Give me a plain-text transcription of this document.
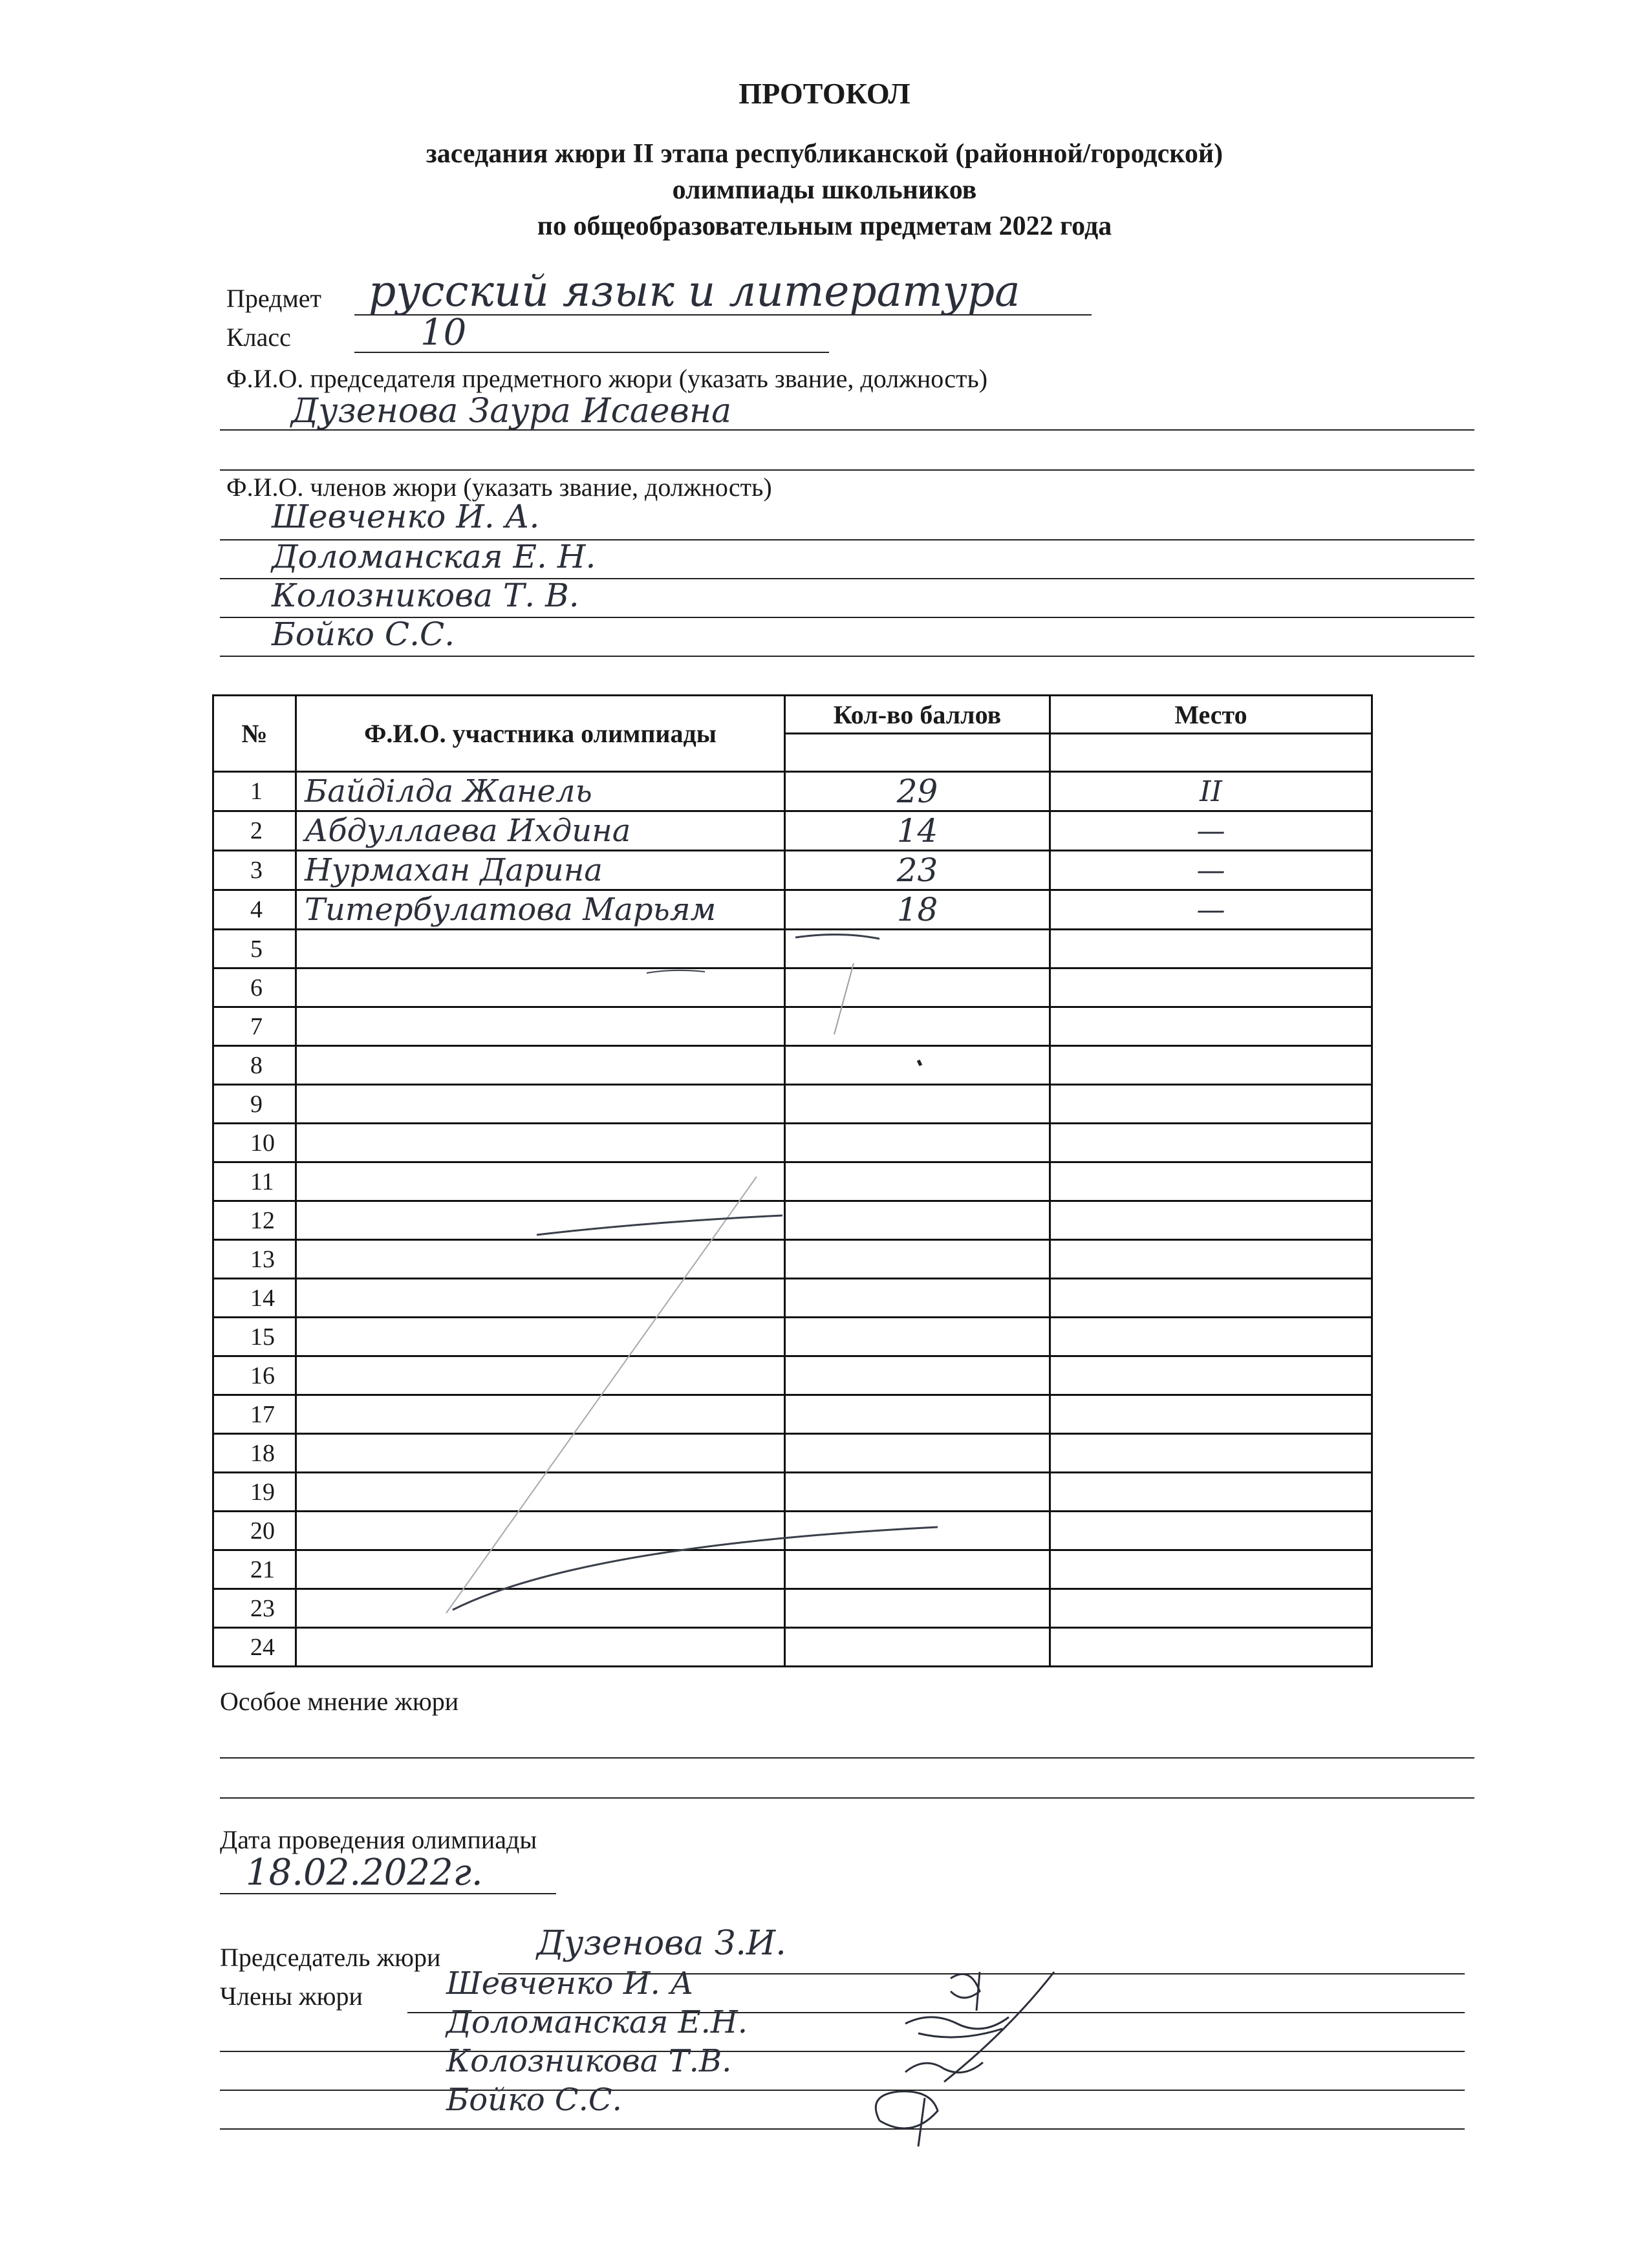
ПРОТОКОЛ
заседания жюри II этапа республиканской (районной/городской)
олимпиады школьников
по общеобразовательным предметам 2022 года
Предмет русский язык и литература
Класс	10
Ф.И.О. председателя предметного жюри (указать звание, должность)
Дузенова Заура Исаевна
Ф.И.О. членов жюри (указать звание, должность)
Шевченко И. А.
Доломанская Е. Н.
Колозникова Т. В.
Бойко С.С.
№	Ф.И.О. участника олимпиады	Кол-во баллов	Место

1	Байділда Жанель	29	II
2	Абдуллаева Ихдина	14	—
3	Нурмахан Дарина	23	—
4	Титербулатова Марьям	18	—
5			
6			
7			
8			
9			
10			
11			
12			
13			
14			
15			
16			
17			
18			
19			
20			
21			
23			
24			
Особое мнение жюри
Дата проведения олимпиады
18.02.2022г.
Председатель жюри	Дузенова З.И.
Члены жюри	Шевченко И. А
Доломанская Е.Н.
Колозникова Т.В.
Бойко С.С.
